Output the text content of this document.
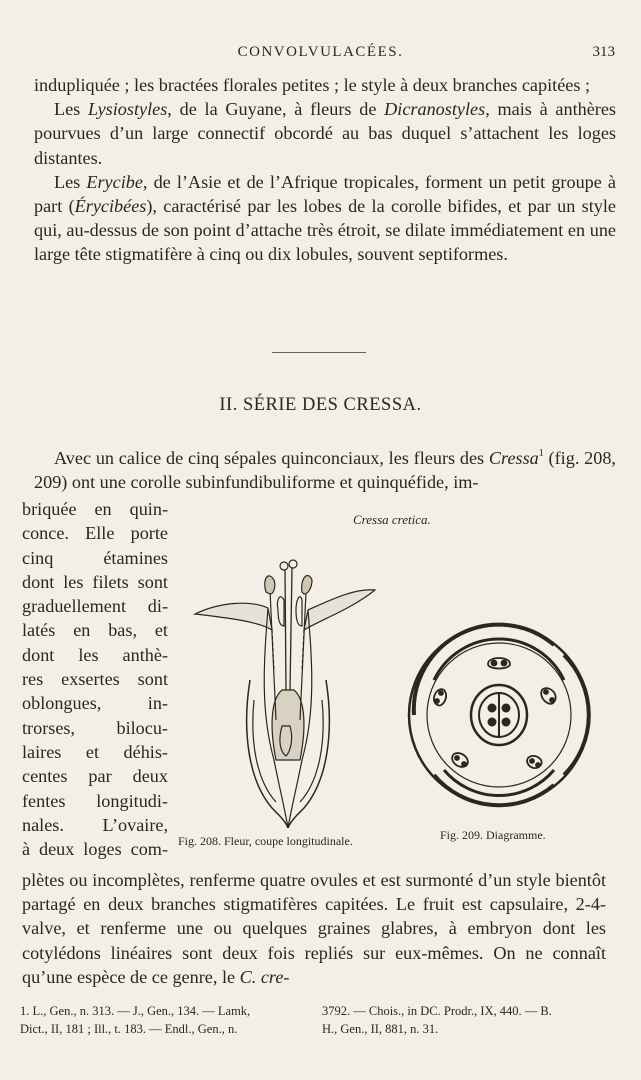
CONVOLVULACÉES.	313

indupliquée ; les bractées florales petites ; le style à deux branches capitées ;

Les Lysiostyles, de la Guyane, à fleurs de Dicranostyles, mais à anthères pourvues d’un large connectif obcordé au bas duquel s’attachent les loges distantes.

Les Erycibe, de l’Asie et de l’Afrique tropicales, forment un petit groupe à part (Érycibées), caractérisé par les lobes de la corolle bifides, et par un style qui, au-dessus de son point d’attache très étroit, se dilate immédiatement en une large tête stigmatifère à cinq ou dix lobules, souvent septiformes.

II. SÉRIE DES CRESSA.

Avec un calice de cinq sépales quinconciaux, les fleurs des Cressa$^1$ (fig. 208, 209) ont une corolle subinfundibuliforme et quinquéfide, im-

briquée en quin-
conce. Elle porte
cinq étamines
dont les filets sont
graduellement di-
latés en bas, et
dont les anthè-
res exsertes sont
oblongues, in-
trorses, bilocu-
laires et déhis-
centes par deux
fentes longitudi-
nales. L’ovaire,
à deux loges com-
Cressa cretica.
Fig. 208. Fleur, coupe longitudinale.	Fig. 209. Diagramme.

plètes ou incomplètes, renferme quatre ovules et est surmonté d’un style bientôt partagé en deux branches stigmatifères capitées. Le fruit est capsulaire, 2-4-valve, et renferme une ou quelques graines glabres, à embryon dont les cotylédons linéaires sont deux fois repliés sur eux-mêmes. On ne connaît qu’une espèce de ce genre, le C. cre-

1. L., Gen., n. 313. — J., Gen., 134. — Lamk,
Dict., II, 181 ; Ill., t. 183. — Endl., Gen., n.
3792. — Chois., in DC. Prodr., IX, 440. — B.
H., Gen., II, 881, n. 31.
